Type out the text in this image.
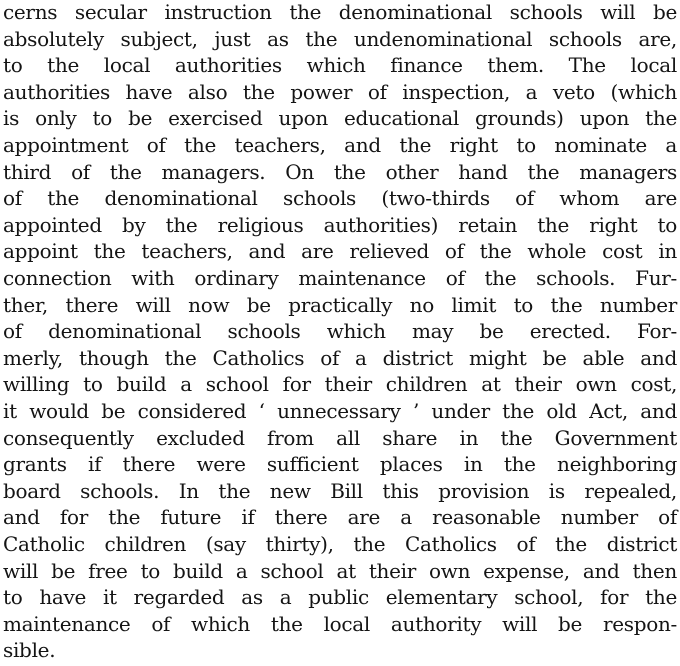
cerns secular instruction the denominational schools will be

absolutely subject, just as the undenominational schools are,

to the local authorities which finance them. The local

authorities have also the power of inspection, a veto (which

is only to be exercised upon educational grounds) upon the

appointment of the teachers, and the right to nominate a

third of the managers. On the other hand the managers

of the denominational schools (two-thirds of whom are

appointed by the religious authorities) retain the right to

appoint the teachers, and are relieved of the whole cost in

connection with ordinary maintenance of the schools. Fur-

ther, there will now be practically no limit to the number

of denominational schools which may be erected. For-

merly, though the Catholics of a district might be able and

willing to build a school for their children at their own cost,

it would be considered ‘ unnecessary ’ under the old Act, and

consequently excluded from all share in the Government

grants if there were sufficient places in the neighboring

board schools. In the new Bill this provision is repealed,

and for the future if there are a reasonable number of

Catholic children (say thirty), the Catholics of the district

will be free to build a school at their own expense, and then

to have it regarded as a public elementary school, for the

maintenance of which the local authority will be respon-

sible.
